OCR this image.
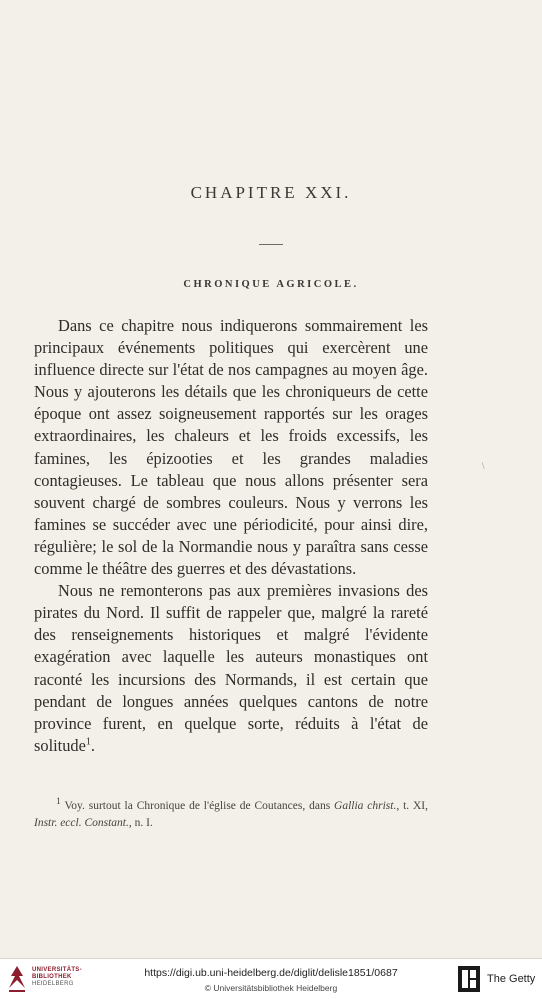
CHAPITRE XXI.
CHRONIQUE AGRICOLE.

Dans ce chapitre nous indiquerons sommairement les principaux événements politiques qui exercèrent une influence directe sur l'état de nos campagnes au moyen âge. Nous y ajouterons les détails que les chroniqueurs de cette époque ont assez soigneusement rapportés sur les orages extraordinaires, les chaleurs et les froids excessifs, les famines, les épizooties et les grandes maladies contagieuses. Le tableau que nous allons présenter sera souvent chargé de sombres couleurs. Nous y verrons les famines se succéder avec une périodicité, pour ainsi dire, régulière; le sol de la Normandie nous y paraîtra sans cesse comme le théâtre des guerres et des dévastations.

Nous ne remonterons pas aux premières invasions des pirates du Nord. Il suffit de rappeler que, malgré la rareté des renseignements historiques et malgré l'évidente exagération avec laquelle les auteurs monastiques ont raconté les incursions des Normands, il est certain que pendant de longues années quelques cantons de notre province furent, en quelque sorte, réduits à l'état de solitude$^1$.

\
$^1$ Voy. surtout la Chronique de l'église de Coutances, dans Gallia christ., t. XI, Instr. eccl. Constant., n. I.
UNIVERSITÄTS-
BIBLIOTHEK
HEIDELBERG
https://digi.ub.uni-heidelberg.de/diglit/delisle1851/0687
© Universitätsbibliothek Heidelberg
The Getty
